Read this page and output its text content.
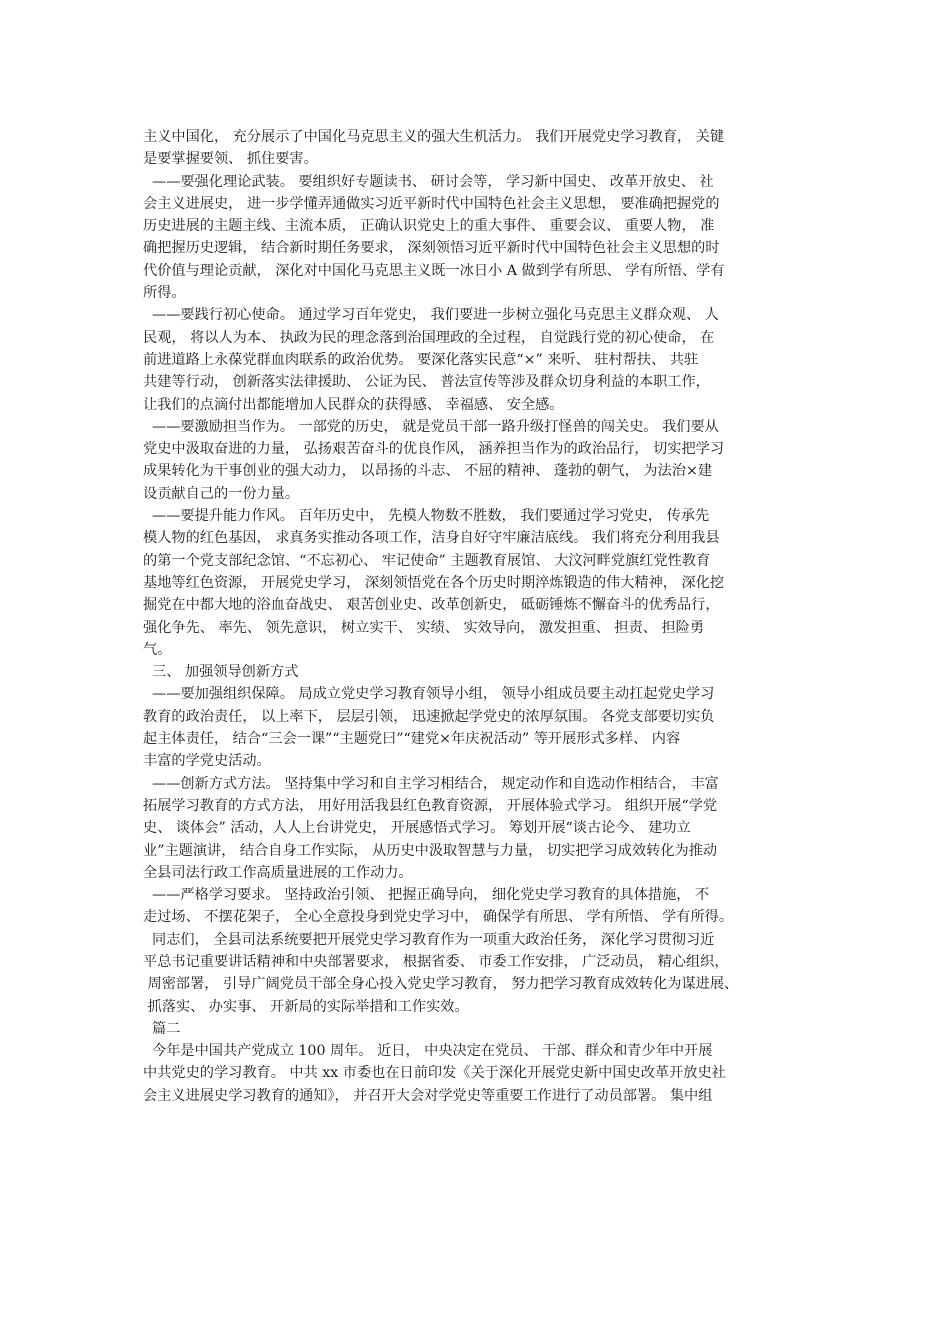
主义中国化， 充分展示了中国化马克思主义的强大生机活力。 我们开展党史学习教育， 关键
是要掌握要领、 抓住要害。
——要强化理论武装。 要组织好专题读书、 研讨会等， 学习新中国史、 改革开放史、 社
会主义进展史， 进一步学懂弄通做实习近平新时代中国特色社会主义思想， 要准确把握党的
历史进展的主题主线、主流本质， 正确认识党史上的重大事件、 重要会议、 重要人物， 准
确把握历史逻辑， 结合新时期任务要求， 深刻领悟习近平新时代中国特色社会主义思想的时
代价值与理论贡献， 深化对中国化马克思主义既一冰日小 A 做到学有所思、 学有所悟、学有
所得。
——要践行初心使命。 通过学习百年党史， 我们要进一步树立强化马克思主义群众观、 人
民观， 将以人为本、 执政为民的理念落到治国理政的全过程， 自觉践行党的初心使命， 在
前进道路上永葆党群血肉联系的政治优势。 要深化落实民意“×” 来听、 驻村帮扶、 共驻
共建等行动， 创新落实法律援助、 公证为民、 普法宣传等涉及群众切身利益的本职工作，
让我们的点滴付出都能增加人民群众的获得感、 幸福感、 安全感。
——要激励担当作为。 一部党的历史， 就是党员干部一路升级打怪兽的闯关史。 我们要从
党史中汲取奋进的力量， 弘扬艰苦奋斗的优良作风， 涵养担当作为的政治品行， 切实把学习
成果转化为干事创业的强大动力， 以昂扬的斗志、 不屈的精神、 蓬勃的朝气， 为法治×建
设贡献自己的一份力量。
——要提升能力作风。 百年历史中， 先模人物数不胜数， 我们要通过学习党史， 传承先
模人物的红色基因， 求真务实推动各项工作，洁身自好守牢廉洁底线。 我们将充分利用我县
的第一个党支部纪念馆、“不忘初心、 牢记使命” 主题教育展馆、 大汶河畔党旗红党性教育
基地等红色资源， 开展党史学习， 深刻领悟党在各个历史时期淬炼锻造的伟大精神， 深化挖
掘党在中都大地的浴血奋战史、 艰苦创业史、改革创新史， 砥砺锤炼不懈奋斗的优秀品行，
强化争先、 率先、 领先意识， 树立实干、 实绩、 实效导向， 激发担重、 担责、 担险勇
气。
三、 加强领导创新方式
——要加强组织保障。 局成立党史学习教育领导小组， 领导小组成员要主动扛起党史学习
教育的政治责任， 以上率下， 层层引领， 迅速掀起学党史的浓厚氛围。 各党支部要切实负
起主体责任， 结合“三会一课”“主题党曰”“建党×年庆祝活动” 等开展形式多样、 内容
丰富的学党史活动。
——创新方式方法。 坚持集中学习和自主学习相结合， 规定动作和自选动作相结合， 丰富
拓展学习教育的方式方法， 用好用活我县红色教育资源， 开展体验式学习。 组织开展“学党
史、 谈体会” 活动，人人上台讲党史， 开展感悟式学习。 筹划开展“谈古论今、 建功立
业”主题演讲， 结合自身工作实际， 从历史中汲取智慧与力量， 切实把学习成效转化为推动
全县司法行政工作高质量进展的工作动力。
——严格学习要求。 坚持政治引领、 把握正确导向， 细化党史学习教育的具体措施， 不
走过场、 不摆花架子， 全心全意投身到党史学习中， 确保学有所思、 学有所悟、 学有所得。
同志们， 全县司法系统要把开展党史学习教育作为一项重大政治任务， 深化学习贯彻习近
平总书记重要讲话精神和中央部署要求， 根据省委、 市委工作安排， 广泛动员， 精心组织，
周密部署， 引导广阔党员干部全身心投入党史学习教育， 努力把学习教育成效转化为谋进展、
抓落实、 办实事、 开新局的实际举措和工作实效。
篇二
今年是中国共产党成立 100 周年。 近日， 中央决定在党员、 干部、群众和青少年中开展
中共党史的学习教育。 中共 xx 市委也在日前印发《关于深化开展党史新中国史改革开放史社
会主义进展史学习教育的通知》， 并召开大会对学党史等重要工作进行了动员部署。 集中组
